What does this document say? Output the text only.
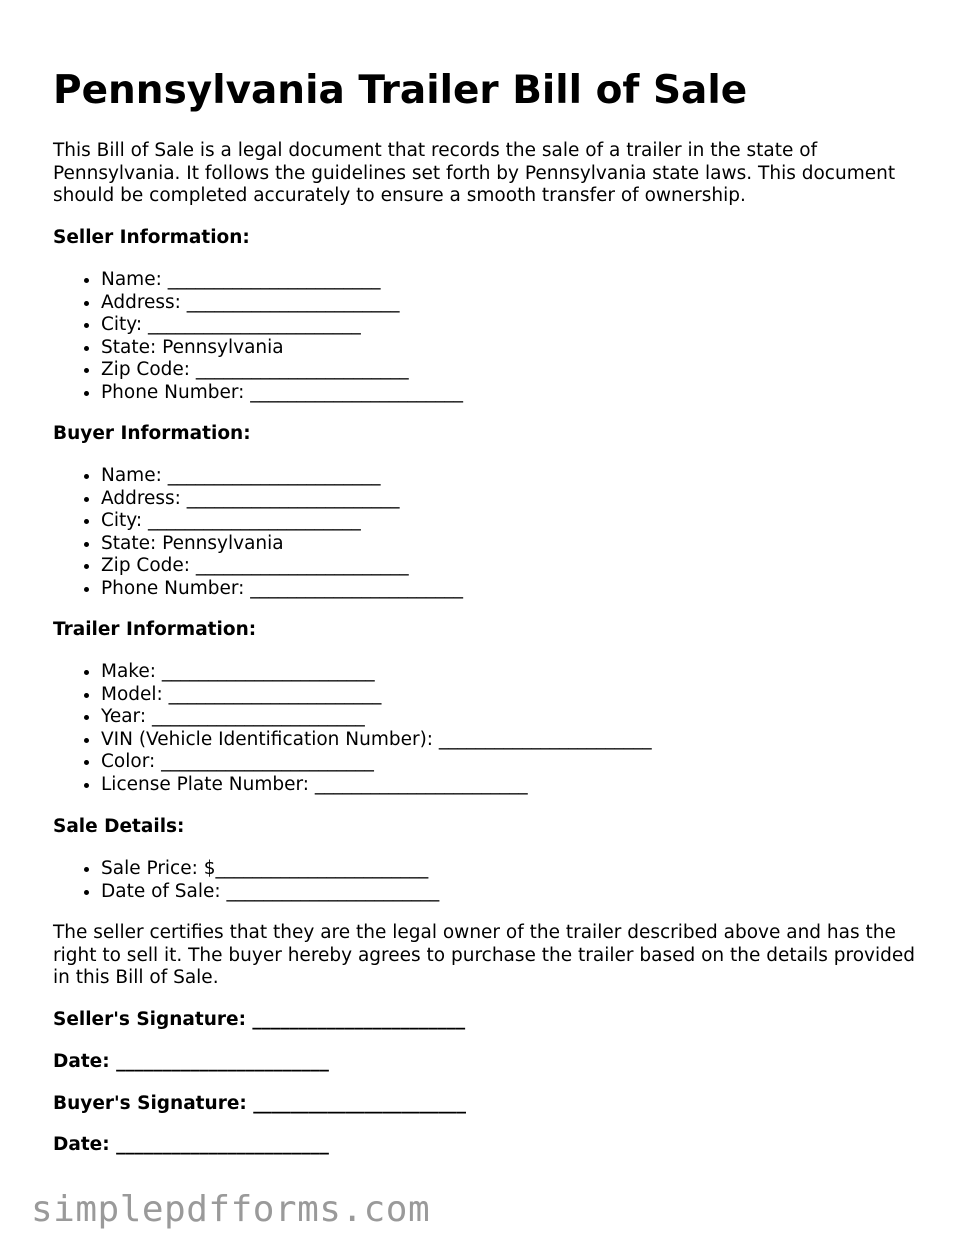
Pennsylvania Trailer Bill of Sale

This Bill of Sale is a legal document that records the sale of a trailer in the state of Pennsylvania. It follows the guidelines set forth by Pennsylvania state laws. This document should be completed accurately to ensure a smooth transfer of ownership.

Seller Information:

• Name: _______________________
• Address: _______________________
• City: _______________________
• State: Pennsylvania
• Zip Code: _______________________
• Phone Number: _______________________

Buyer Information:

• Name: _______________________
• Address: _______________________
• City: _______________________
• State: Pennsylvania
• Zip Code: _______________________
• Phone Number: _______________________

Trailer Information:

• Make: _______________________
• Model: _______________________
• Year: _______________________
• VIN (Vehicle Identification Number): _______________________
• Color: _______________________
• License Plate Number: _______________________

Sale Details:

• Sale Price: $_______________________
• Date of Sale: _______________________

The seller certifies that they are the legal owner of the trailer described above and has the right to sell it. The buyer hereby agrees to purchase the trailer based on the details provided in this Bill of Sale.

Seller's Signature: _______________________

Date: _______________________

Buyer's Signature: _______________________

Date: _______________________

simplepdfforms.com
